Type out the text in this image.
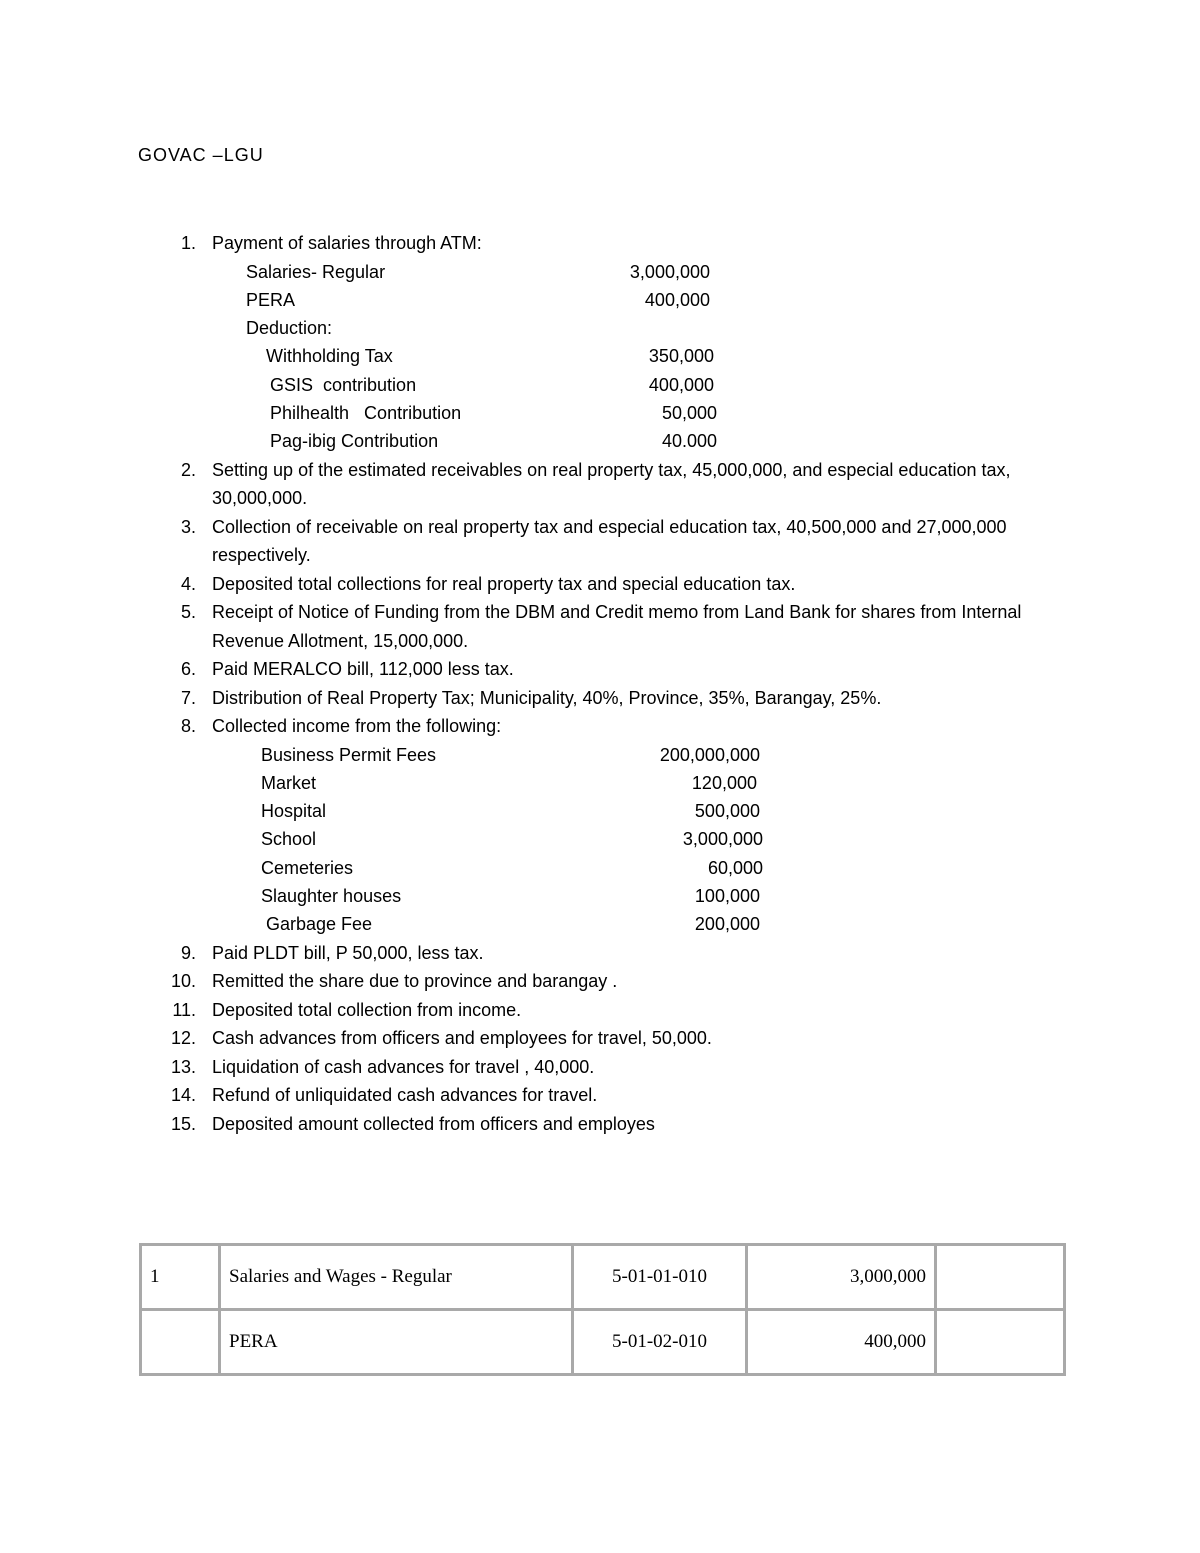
GOVAC –LGU
1. Payment of salaries through ATM:
Salaries- Regular	3,000,000
PERA	400,000
Deduction:
Withholding Tax	350,000
GSIS  contribution	400,000
Philhealth   Contribution	50,000
Pag-ibig Contribution	40.000
2. Setting up of the estimated receivables on real property tax, 45,000,000, and especial education tax, 30,000,000.
3. Collection of receivable on real property tax and especial education tax, 40,500,000 and 27,000,000 respectively.
4. Deposited total collections for real property tax and special education tax.
5. Receipt of Notice of Funding from the DBM and Credit memo from Land Bank for shares from Internal Revenue Allotment, 15,000,000.
6. Paid MERALCO bill, 112,000 less tax.
7. Distribution of Real Property Tax; Municipality, 40%, Province, 35%, Barangay, 25%.
8. Collected income from the following:
Business Permit Fees	200,000,000
Market	120,000
Hospital	500,000
School	3,000,000
Cemeteries	60,000
Slaughter houses	100,000
Garbage Fee	200,000
9. Paid PLDT bill, P 50,000, less tax.
10. Remitted the share due to province and barangay .
11. Deposited total collection from income.
12. Cash advances from officers and employees for travel, 50,000.
13. Liquidation of cash advances for travel , 40,000.
14. Refund of unliquidated cash advances for travel.
15. Deposited amount collected from officers and employes
1	Salaries and Wages - Regular	5-01-01-010	3,000,000	
	PERA	5-01-02-010	400,000	
